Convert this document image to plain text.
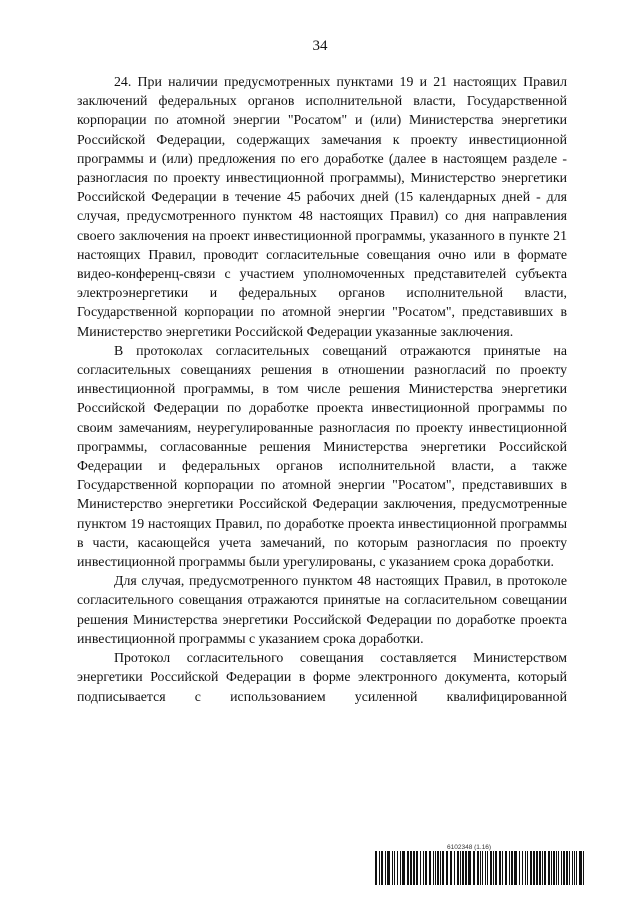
34

24. При наличии предусмотренных пунктами 19 и 21 настоящих Правил заключений федеральных органов исполнительной власти, Государственной корпорации по атомной энергии "Росатом" и (или) Министерства энергетики Российской Федерации, содержащих замечания к проекту инвестиционной программы и (или) предложения по его доработке (далее в настоящем разделе - разногласия по проекту инвестиционной программы), Министерство энергетики Российской Федерации в течение 45 рабочих дней (15 календарных дней - для случая, предусмотренного пунктом 48 настоящих Правил) со дня направления своего заключения на проект инвестиционной программы, указанного в пункте 21 настоящих Правил, проводит согласительные совещания очно или в формате видео-конференц-связи с участием уполномоченных представителей субъекта электроэнергетики и федеральных органов исполнительной власти, Государственной корпорации по атомной энергии "Росатом", представивших в Министерство энергетики Российской Федерации указанные заключения.

В протоколах согласительных совещаний отражаются принятые на согласительных совещаниях решения в отношении разногласий по проекту инвестиционной программы, в том числе решения Министерства энергетики Российской Федерации по доработке проекта инвестиционной программы по своим замечаниям, неурегулированные разногласия по проекту инвестиционной программы, согласованные решения Министерства энергетики Российской Федерации и федеральных органов исполнительной власти, а также Государственной корпорации по атомной энергии "Росатом", представивших в Министерство энергетики Российской Федерации заключения, предусмотренные пунктом 19 настоящих Правил, по доработке проекта инвестиционной программы в части, касающейся учета замечаний, по которым разногласия по проекту инвестиционной программы были урегулированы, с указанием срока доработки.

Для случая, предусмотренного пунктом 48 настоящих Правил, в протоколе согласительного совещания отражаются принятые на согласительном совещании решения Министерства энергетики Российской Федерации по доработке проекта инвестиционной программы с указанием срока доработки.

Протокол согласительного совещания составляется Министерством энергетики Российской Федерации в форме электронного документа, который подписывается с использованием усиленной квалифицированной

6102348 (1.16)
